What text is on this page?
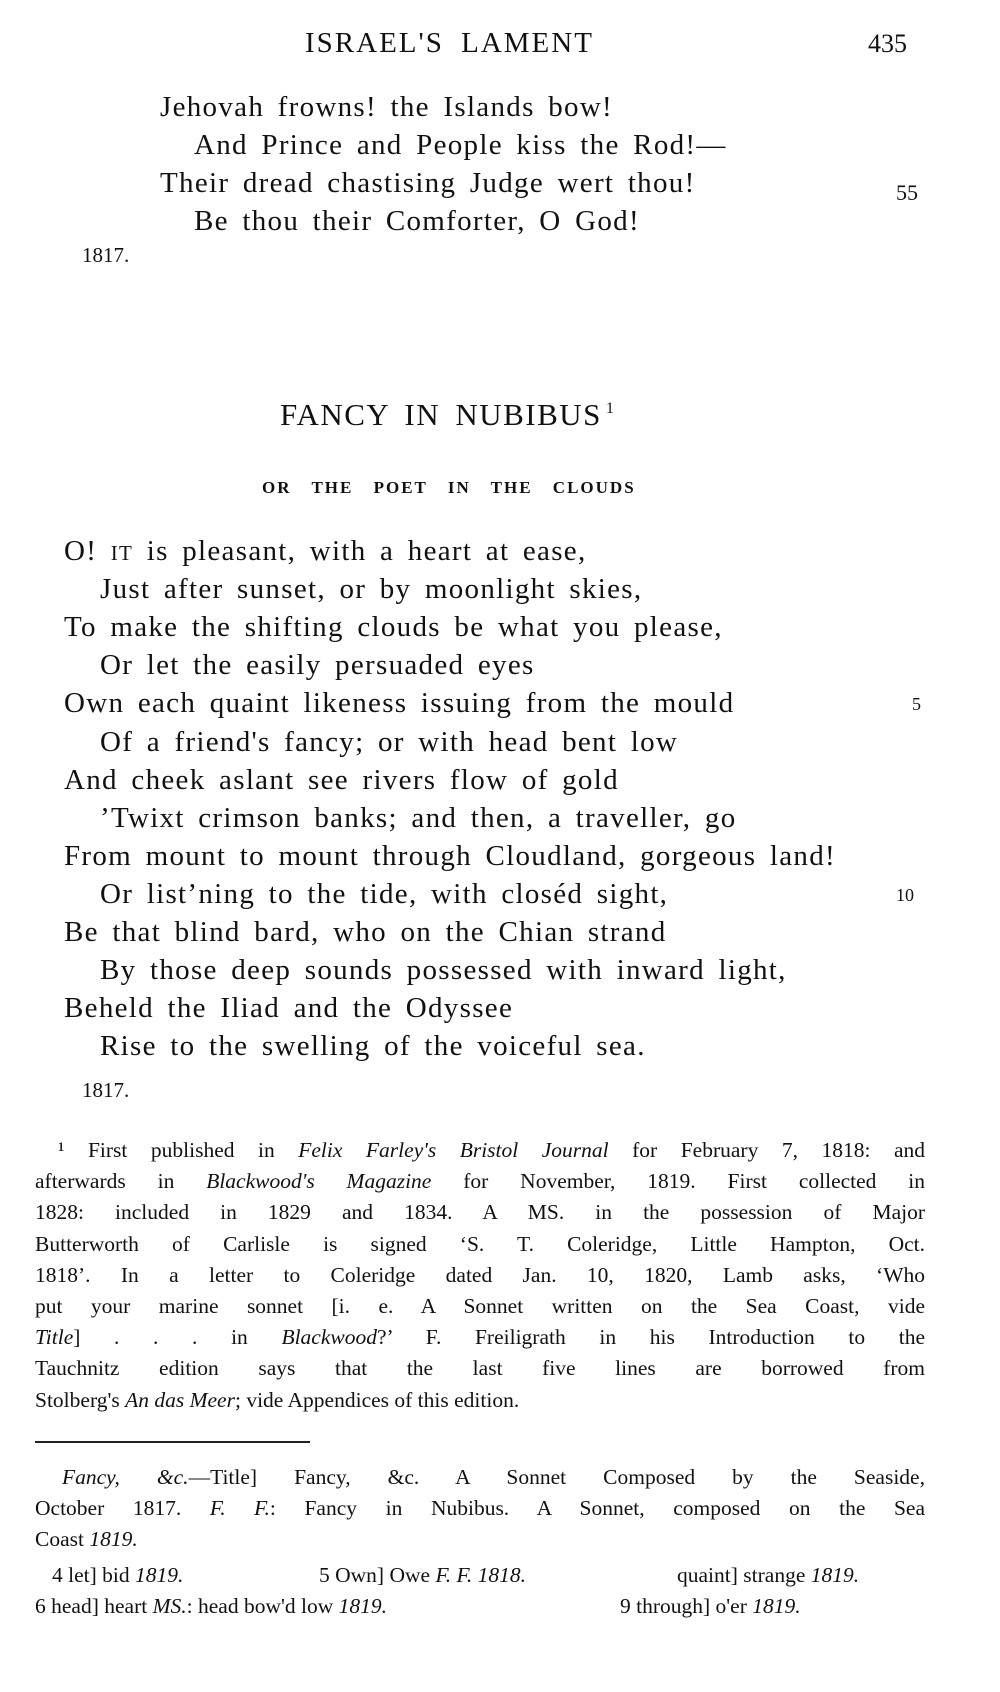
ISRAEL'S LAMENT	435
Jehovah frowns! the Islands bow!
And Prince and People kiss the Rod!—
Their dread chastising Judge wert thou!
Be thou their Comforter, O God!
55
1817.
FANCY IN NUBIBUS $^1$
OR THE POET IN THE CLOUDS
O! IT is pleasant, with a heart at ease,
Just after sunset, or by moonlight skies,
To make the shifting clouds be what you please,
Or let the easily persuaded eyes
Own each quaint likeness issuing from the mould	5
Of a friend's fancy; or with head bent low
And cheek aslant see rivers flow of gold
’Twixt crimson banks; and then, a traveller, go
From mount to mount through Cloudland, gorgeous land!
Or list’ning to the tide, with closéd sight,	10
Be that blind bard, who on the Chian strand
By those deep sounds possessed with inward light,
Beheld the Iliad and the Odyssee
Rise to the swelling of the voiceful sea.
1817.
¹ First published in Felix Farley's Bristol Journal for February 7, 1818: and
afterwards in Blackwood's Magazine for November, 1819. First collected in
1828: included in 1829 and 1834. A MS. in the possession of Major
Butterworth of Carlisle is signed ‘S. T. Coleridge, Little Hampton, Oct.
1818’. In a letter to Coleridge dated Jan. 10, 1820, Lamb asks, ‘Who
put your marine sonnet [i. e. A Sonnet written on the Sea Coast, vide
Title] . . . in Blackwood?’ F. Freiligrath in his Introduction to the
Tauchnitz edition says that the last five lines are borrowed from
Stolberg's An das Meer; vide Appendices of this edition.
Fancy, &c.—Title] Fancy, &c. A Sonnet Composed by the Seaside,
October 1817. F. F.: Fancy in Nubibus. A Sonnet, composed on the Sea
Coast 1819.
4 let] bid 1819.	5 Own] Owe F. F. 1818.	quaint] strange 1819.
6 head] heart MS.: head bow'd low 1819.	9 through] o'er 1819.
